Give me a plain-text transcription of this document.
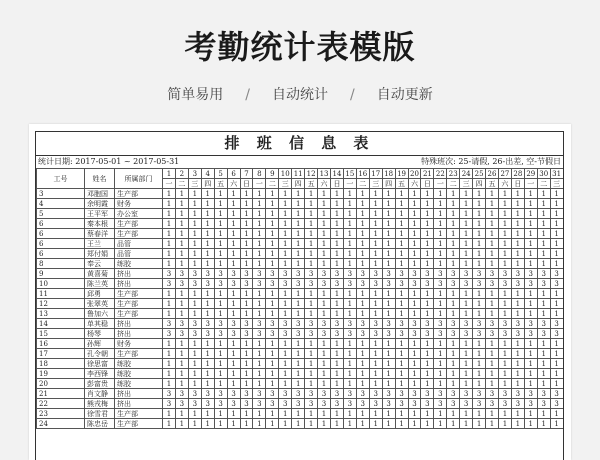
考勤统计表模版
简单易用 / 自动统计 / 自动更新
排 班 信 息 表
统计日期: 2017-05-01 ~ 2017-05-31	特殊班次: 25-请假, 26-出差, 空-节假日
工号	姓名	所属部门	1	2	3	4	5	6	7	8	9	10	11	12	13	14	15	16	17	18	19	20	21	22	23	24	25	26	27	28	29	30	31
			一	二	三	四	五	六	日	一	二	三	四	五	六	日	一	二	三	四	五	六	日	一	二	三	四	五	六	日	一	二	三
3	邓胞国	生产部	1	1	1	1	1	1	1	1	1	1	1	1	1	1	1	1	1	1	1	1	1	1	1	1	1	1	1	1	1	1	1
4	余明霞	财务	1	1	1	1	1	1	1	1	1	1	1	1	1	1	1	1	1	1	1	1	1	1	1	1	1	1	1	1	1	1	1
5	王平军	办公室	1	1	1	1	1	1	1	1	1	1	1	1	1	1	1	1	1	1	1	1	1	1	1	1	1	1	1	1	1	1	1
6	秦本根	生产部	1	1	1	1	1	1	1	1	1	1	1	1	1	1	1	1	1	1	1	1	1	1	1	1	1	1	1	1	1	1	1
6	蔡春洋	生产部	1	1	1	1	1	1	1	1	1	1	1	1	1	1	1	1	1	1	1	1	1	1	1	1	1	1	1	1	1	1	1
6	王兰	品管	1	1	1	1	1	1	1	1	1	1	1	1	1	1	1	1	1	1	1	1	1	1	1	1	1	1	1	1	1	1	1
6	郑付娟	品管	1	1	1	1	1	1	1	1	1	1	1	1	1	1	1	1	1	1	1	1	1	1	1	1	1	1	1	1	1	1	1
8	奉云	练胶	1	1	1	1	1	1	1	1	1	1	1	1	1	1	1	1	1	1	1	1	1	1	1	1	1	1	1	1	1	1	1
9	黄喜菊	挤出	3	3	3	3	3	3	3	3	3	3	3	3	3	3	3	3	3	3	3	3	3	3	3	3	3	3	3	3	3	3	3
10	陈兰英	挤出	3	3	3	3	3	3	3	3	3	3	3	3	3	3	3	3	3	3	3	3	3	3	3	3	3	3	3	3	3	3	3
11	邱勇	生产部	1	1	1	1	1	1	1	1	1	1	1	1	1	1	1	1	1	1	1	1	1	1	1	1	1	1	1	1	1	1	1
12	张翠英	生产部	1	1	1	1	1	1	1	1	1	1	1	1	1	1	1	1	1	1	1	1	1	1	1	1	1	1	1	1	1	1	1
13	鲁加六	生产部	1	1	1	1	1	1	1	1	1	1	1	1	1	1	1	1	1	1	1	1	1	1	1	1	1	1	1	1	1	1	1
14	单其稳	挤出	3	3	3	3	3	3	3	3	3	3	3	3	3	3	3	3	3	3	3	3	3	3	3	3	3	3	3	3	3	3	3
15	杨琴	挤出	3	3	3	3	3	3	3	3	3	3	3	3	3	3	3	3	3	3	3	3	3	3	3	3	3	3	3	3	3	3	3
16	孙辉	财务	1	1	1	1	1	1	1	1	1	1	1	1	1	1	1	1	1	1	1	1	1	1	1	1	1	1	1	1	1	1	1
17	孔令朝	生产部	1	1	1	1	1	1	1	1	1	1	1	1	1	1	1	1	1	1	1	1	1	1	1	1	1	1	1	1	1	1	1
18	徐思富	练胶	1	1	1	1	1	1	1	1	1	1	1	1	1	1	1	1	1	1	1	1	1	1	1	1	1	1	1	1	1	1	1
19	李西锋	练胶	1	1	1	1	1	1	1	1	1	1	1	1	1	1	1	1	1	1	1	1	1	1	1	1	1	1	1	1	1	1	1
20	彭富贵	练胶	1	1	1	1	1	1	1	1	1	1	1	1	1	1	1	1	1	1	1	1	1	1	1	1	1	1	1	1	1	1	1
21	肖文静	挤出	3	3	3	3	3	3	3	3	3	3	3	3	3	3	3	3	3	3	3	3	3	3	3	3	3	3	3	3	3	3	3
22	熊戎梅	挤出	3	3	3	3	3	3	3	3	3	3	3	3	3	3	3	3	3	3	3	3	3	3	3	3	3	3	3	3	3	3	3
23	徐雪君	生产部	1	1	1	1	1	1	1	1	1	1	1	1	1	1	1	1	1	1	1	1	1	1	1	1	1	1	1	1	1	1	1
24	陈忠岳	生产部	1	1	1	1	1	1	1	1	1	1	1	1	1	1	1	1	1	1	1	1	1	1	1	1	1	1	1	1	1	1	1
